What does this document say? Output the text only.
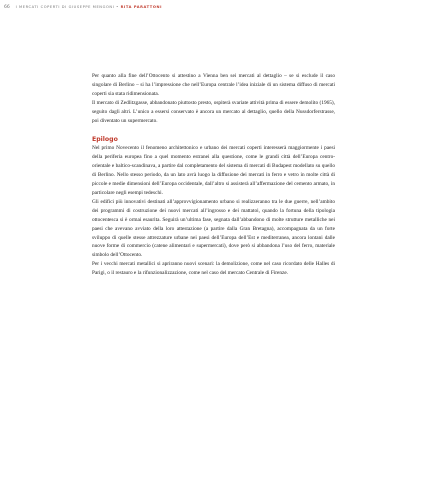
66 I MERCATI COPERTI DI GIUSEPPE MENGONI • RITA PARATTONI

Per quanto alla fine dell’Ottocento si attestino a Vienna ben sei mercati al dettaglio – se si esclude il caso singolare di Berlino – si ha l’impressione che nell’Europa centrale l’idea iniziale di un sistema diffuso di mercati coperti sia stata ridimensionata.

Il mercato di Zedlitzgasse, abbandonato piuttosto presto, ospiterà svariate attività prima di essere demolito (1965), seguito dagli altri. L’unico a essersi conservato è ancora un mercato al dettaglio, quello della Nussdorferstrasse, poi diventato un supermercato.

Epilogo

Nel primo Novecento il fenomeno architettonico e urbano dei mercati coperti interesserà maggiormente i paesi della periferia europea fino a quel momento estranei alla questione, come le grandi città dell’Europa centro-orientale e baltico-scandinava, a partire dal completamento del sistema di mercati di Budapest modellato su quello di Berlino. Nello stesso periodo, da un lato avrà luogo la diffusione dei mercati in ferro e vetro in molte città di piccole e medie dimensioni dell’Europa occidentale, dall’altro si assisterà all’affermazione del cemento armato, in particolare negli esempi tedeschi.

Gli edifici più innovativi destinati all’approvvigionamento urbano si realizzeranno tra le due guerre, nell’ambito dei programmi di costruzione dei nuovi mercati all’ingrosso e dei mattatoi, quando la fortuna della tipologia ottocentesca si è ormai esaurita. Seguirà un’ultima fase, segnata dall’abbandono di molte strutture metalliche nei paesi che avevano avviato della loro attestazione (a partire dalla Gran Bretagna), accompagnata da un forte sviluppo di quelle stesse attrezzature urbane nei paesi dell’Europa dell’Est e mediterranea, ancora lontani dalle nuove forme di commercio (catene alimentari e supermercati), dove però si abbandona l’uso del ferro, materiale simbolo dell’Ottocento.

Per i vecchi mercati metallici si apriranno nuovi scenari: la demolizione, come nel caso ricordato delle Halles di Parigi, o il restauro e la rifunzionalizzazione, come nel caso del mercato Centrale di Firenze.
